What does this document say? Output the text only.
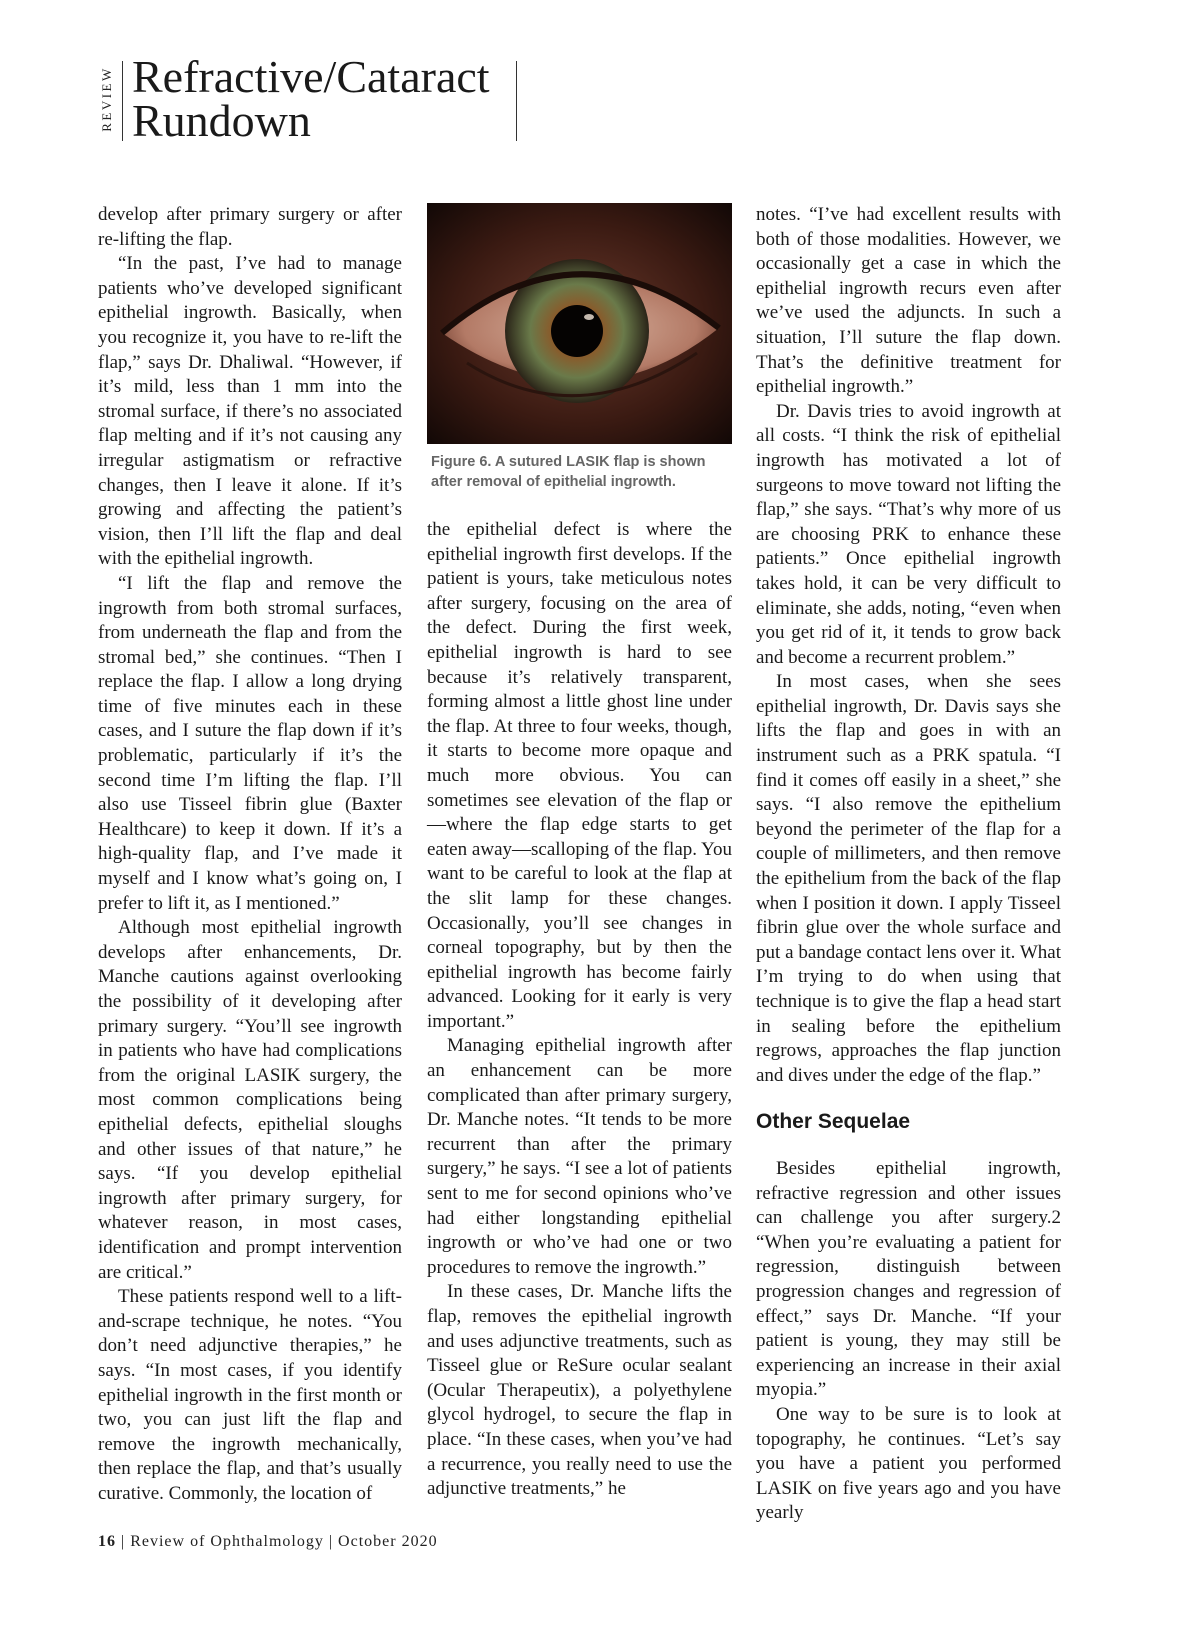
REVIEW Refractive/Cataract
Rundown

develop after primary surgery or after re-lifting the flap.

“In the past, I’ve had to manage patients who’ve developed significant epithelial ingrowth. Basically, when you recognize it, you have to re-lift the flap,” says Dr. Dhaliwal. “However, if it’s mild, less than 1 mm into the stromal surface, if there’s no associated flap melting and if it’s not causing any irregular astigmatism or refractive changes, then I leave it alone. If it’s growing and affecting the patient’s vision, then I’ll lift the flap and deal with the epithelial ingrowth.

“I lift the flap and remove the ingrowth from both stromal surfaces, from underneath the flap and from the stromal bed,” she continues. “Then I replace the flap. I allow a long drying time of five minutes each in these cases, and I suture the flap down if it’s problematic, particularly if it’s the second time I’m lifting the flap. I’ll also use Tisseel fibrin glue (Baxter Healthcare) to keep it down. If it’s a high-quality flap, and I’ve made it myself and I know what’s going on, I prefer to lift it, as I mentioned.”

Although most epithelial ingrowth develops after enhancements, Dr. Manche cautions against overlooking the possibility of it developing after primary surgery. “You’ll see ingrowth in patients who have had complications from the original LASIK surgery, the most common complications being epithelial defects, epithelial sloughs and other issues of that nature,” he says. “If you develop epithelial ingrowth after primary surgery, for whatever reason, in most cases, identification and prompt intervention are critical.”

These patients respond well to a lift-and-scrape technique, he notes. “You don’t need adjunctive therapies,” he says. “In most cases, if you identify epithelial ingrowth in the first month or two, you can just lift the flap and remove the ingrowth mechanically, then replace the flap, and that’s usually curative. Commonly, the location of

Figure 6. A sutured LASIK flap is shown after removal of epithelial ingrowth.

the epithelial defect is where the epithelial ingrowth first develops. If the patient is yours, take meticulous notes after surgery, focusing on the area of the defect. During the first week, epithelial ingrowth is hard to see because it’s relatively transparent, forming almost a little ghost line under the flap. At three to four weeks, though, it starts to become more opaque and much more obvious. You can sometimes see elevation of the flap or—where the flap edge starts to get eaten away—scalloping of the flap. You want to be careful to look at the flap at the slit lamp for these changes. Occasionally, you’ll see changes in corneal topography, but by then the epithelial ingrowth has become fairly advanced. Looking for it early is very important.”

Managing epithelial ingrowth after an enhancement can be more complicated than after primary surgery, Dr. Manche notes. “It tends to be more recurrent than after the primary surgery,” he says. “I see a lot of patients sent to me for second opinions who’ve had either longstanding epithelial ingrowth or who’ve had one or two procedures to remove the ingrowth.”

In these cases, Dr. Manche lifts the flap, removes the epithelial ingrowth and uses adjunctive treatments, such as Tisseel glue or ReSure ocular sealant (Ocular Therapeutix), a polyethylene glycol hydrogel, to secure the flap in place. “In these cases, when you’ve had a recurrence, you really need to use the adjunctive treatments,” he

notes. “I’ve had excellent results with both of those modalities. However, we occasionally get a case in which the epithelial ingrowth recurs even after we’ve used the adjuncts. In such a situation, I’ll suture the flap down. That’s the definitive treatment for epithelial ingrowth.”

Dr. Davis tries to avoid ingrowth at all costs. “I think the risk of epithelial ingrowth has motivated a lot of surgeons to move toward not lifting the flap,” she says. “That’s why more of us are choosing PRK to enhance these patients.” Once epithelial ingrowth takes hold, it can be very difficult to eliminate, she adds, noting, “even when you get rid of it, it tends to grow back and become a recurrent problem.”

In most cases, when she sees epithelial ingrowth, Dr. Davis says she lifts the flap and goes in with an instrument such as a PRK spatula. “I find it comes off easily in a sheet,” she says. “I also remove the epithelium beyond the perimeter of the flap for a couple of millimeters, and then remove the epithelium from the back of the flap when I position it down. I apply Tisseel fibrin glue over the whole surface and put a bandage contact lens over it. What I’m trying to do when using that technique is to give the flap a head start in sealing before the epithelium regrows, approaches the flap junction and dives under the edge of the flap.”

Other Sequelae

Besides epithelial ingrowth, refractive regression and other issues can challenge you after surgery.2 “When you’re evaluating a patient for regression, distinguish between progression changes and regression of effect,” says Dr. Manche. “If your patient is young, they may still be experiencing an increase in their axial myopia.”

One way to be sure is to look at topography, he continues. “Let’s say you have a patient you performed LASIK on five years ago and you have yearly

16 | Review of Ophthalmology | October 2020
